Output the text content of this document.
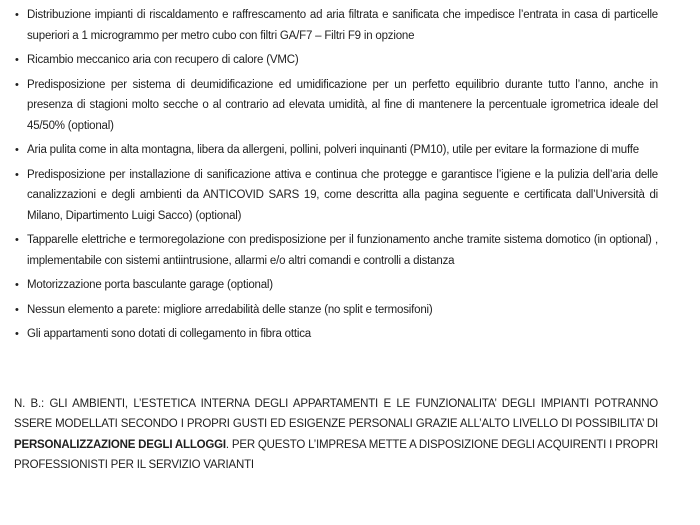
• Distribuzione impianti di riscaldamento e raffrescamento ad aria filtrata e sanificata che impedisce l’entrata in casa di particelle superiori a 1 microgrammo per metro cubo con filtri GA/F7 – Filtri F9 in opzione
• Ricambio meccanico aria con recupero di calore (VMC)
• Predisposizione per sistema di deumidificazione ed umidificazione per un perfetto equilibrio durante tutto l’anno, anche in presenza di stagioni molto secche o al contrario ad elevata umidità, al fine di mantenere la percentuale igrometrica ideale del 45/50% (optional)
• Aria pulita come in alta montagna, libera da allergeni, pollini, polveri inquinanti (PM10), utile per evitare la formazione di muffe
• Predisposizione per installazione di sanificazione attiva e continua che protegge e garantisce l’igiene e la pulizia dell’aria delle canalizzazioni e degli ambienti da ANTICOVID SARS 19, come descritta alla pagina seguente e certificata dall’Università di Milano, Dipartimento Luigi Sacco) (optional)
• Tapparelle elettriche e termoregolazione con predisposizione per il funzionamento anche tramite sistema domotico (in optional) , implementabile con sistemi antiintrusione, allarmi e/o altri comandi e controlli a distanza
• Motorizzazione porta basculante garage (optional)
• Nessun elemento a parete: migliore arredabilità delle stanze (no split e termosifoni)
• Gli appartamenti sono dotati di collegamento in fibra ottica

N. B.: GLI AMBIENTI, L’ESTETICA INTERNA DEGLI APPARTAMENTI E LE FUNZIONALITA’ DEGLI IMPIANTI POTRANNO SSERE MODELLATI SECONDO I PROPRI GUSTI ED ESIGENZE PERSONALI GRAZIE ALL’ALTO LIVELLO DI POSSIBILITA’ DI PERSONALIZZAZIONE DEGLI ALLOGGI. PER QUESTO L’IMPRESA METTE A DISPOSIZIONE DEGLI ACQUIRENTI I PROPRI PROFESSIONISTI PER IL SERVIZIO VARIANTI
